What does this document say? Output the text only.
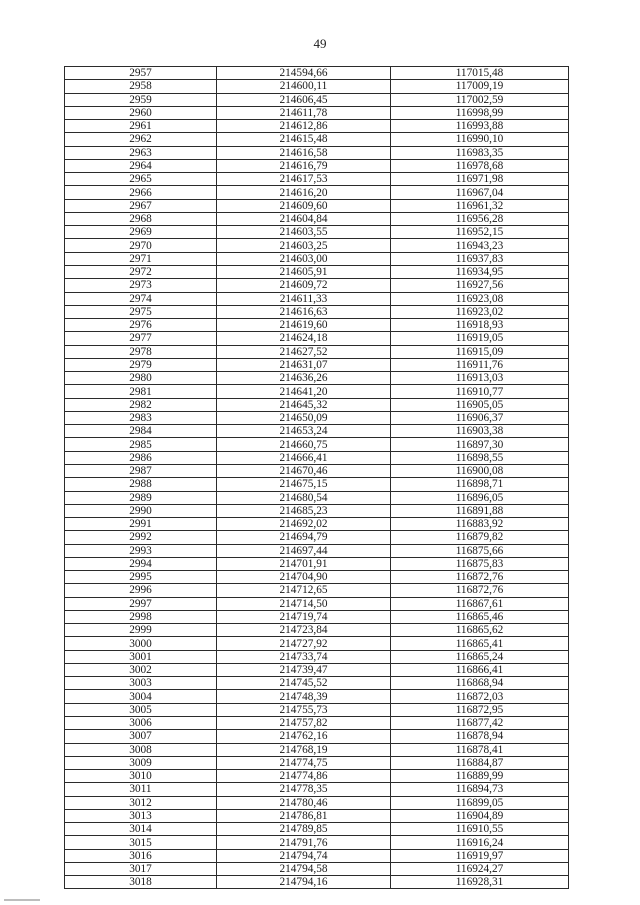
49
2957	214594,66	117015,48
2958	214600,11	117009,19
2959	214606,45	117002,59
2960	214611,78	116998,99
2961	214612,86	116993,88
2962	214615,48	116990,10
2963	214616,58	116983,35
2964	214616,79	116978,68
2965	214617,53	116971,98
2966	214616,20	116967,04
2967	214609,60	116961,32
2968	214604,84	116956,28
2969	214603,55	116952,15
2970	214603,25	116943,23
2971	214603,00	116937,83
2972	214605,91	116934,95
2973	214609,72	116927,56
2974	214611,33	116923,08
2975	214616,63	116923,02
2976	214619,60	116918,93
2977	214624,18	116919,05
2978	214627,52	116915,09
2979	214631,07	116911,76
2980	214636,26	116913,03
2981	214641,20	116910,77
2982	214645,32	116905,05
2983	214650,09	116906,37
2984	214653,24	116903,38
2985	214660,75	116897,30
2986	214666,41	116898,55
2987	214670,46	116900,08
2988	214675,15	116898,71
2989	214680,54	116896,05
2990	214685,23	116891,88
2991	214692,02	116883,92
2992	214694,79	116879,82
2993	214697,44	116875,66
2994	214701,91	116875,83
2995	214704,90	116872,76
2996	214712,65	116872,76
2997	214714,50	116867,61
2998	214719,74	116865,46
2999	214723,84	116865,62
3000	214727,92	116865,41
3001	214733,74	116865,24
3002	214739,47	116866,41
3003	214745,52	116868,94
3004	214748,39	116872,03
3005	214755,73	116872,95
3006	214757,82	116877,42
3007	214762,16	116878,94
3008	214768,19	116878,41
3009	214774,75	116884,87
3010	214774,86	116889,99
3011	214778,35	116894,73
3012	214780,46	116899,05
3013	214786,81	116904,89
3014	214789,85	116910,55
3015	214791,76	116916,24
3016	214794,74	116919,97
3017	214794,58	116924,27
3018	214794,16	116928,31
